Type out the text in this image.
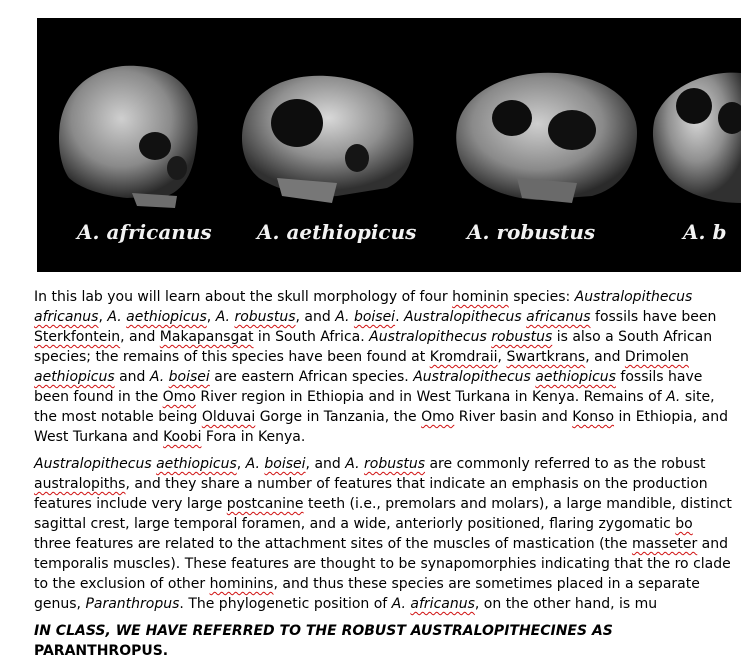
A. africanus A. aethiopicus	A. robustus	A. b

In this lab you will learn about the skull morphology of four hominin species: Australopithecus africanus, A. aethiopicus, A. robustus, and A. boisei. Australopithecus africanus fossils have been Sterkfontein, and Makapansgat in South Africa. Australopithecus robustus is also a South African species; the remains of this species have been found at Kromdraii, Swartkrans, and Drimolen aethiopicus and A. boisei are eastern African species. Australopithecus aethiopicus fossils have been found in the Omo River region in Ethiopia and in West Turkana in Kenya. Remains of A. site, the most notable being Olduvai Gorge in Tanzania, the Omo River basin and Konso in Ethiopia, and West Turkana and Koobi Fora in Kenya.

Australopithecus aethiopicus, A. boisei, and A. robustus are commonly referred to as the robust australopiths, and they share a number of features that indicate an emphasis on the production features include very large postcanine teeth (i.e., premolars and molars), a large mandible, distinct sagittal crest, large temporal foramen, and a wide, anteriorly positioned, flaring zygomatic bo three features are related to the attachment sites of the muscles of mastication (the masseter and temporalis muscles). These features are thought to be synapomorphies indicating that the ro clade to the exclusion of other hominins, and thus these species are sometimes placed in a separate genus, Paranthropus. The phylogenetic position of A. africanus, on the other hand, is mu

IN CLASS, WE HAVE REFERRED TO THE ROBUST AUSTRALOPITHECINES AS PARANTHROPUS.
